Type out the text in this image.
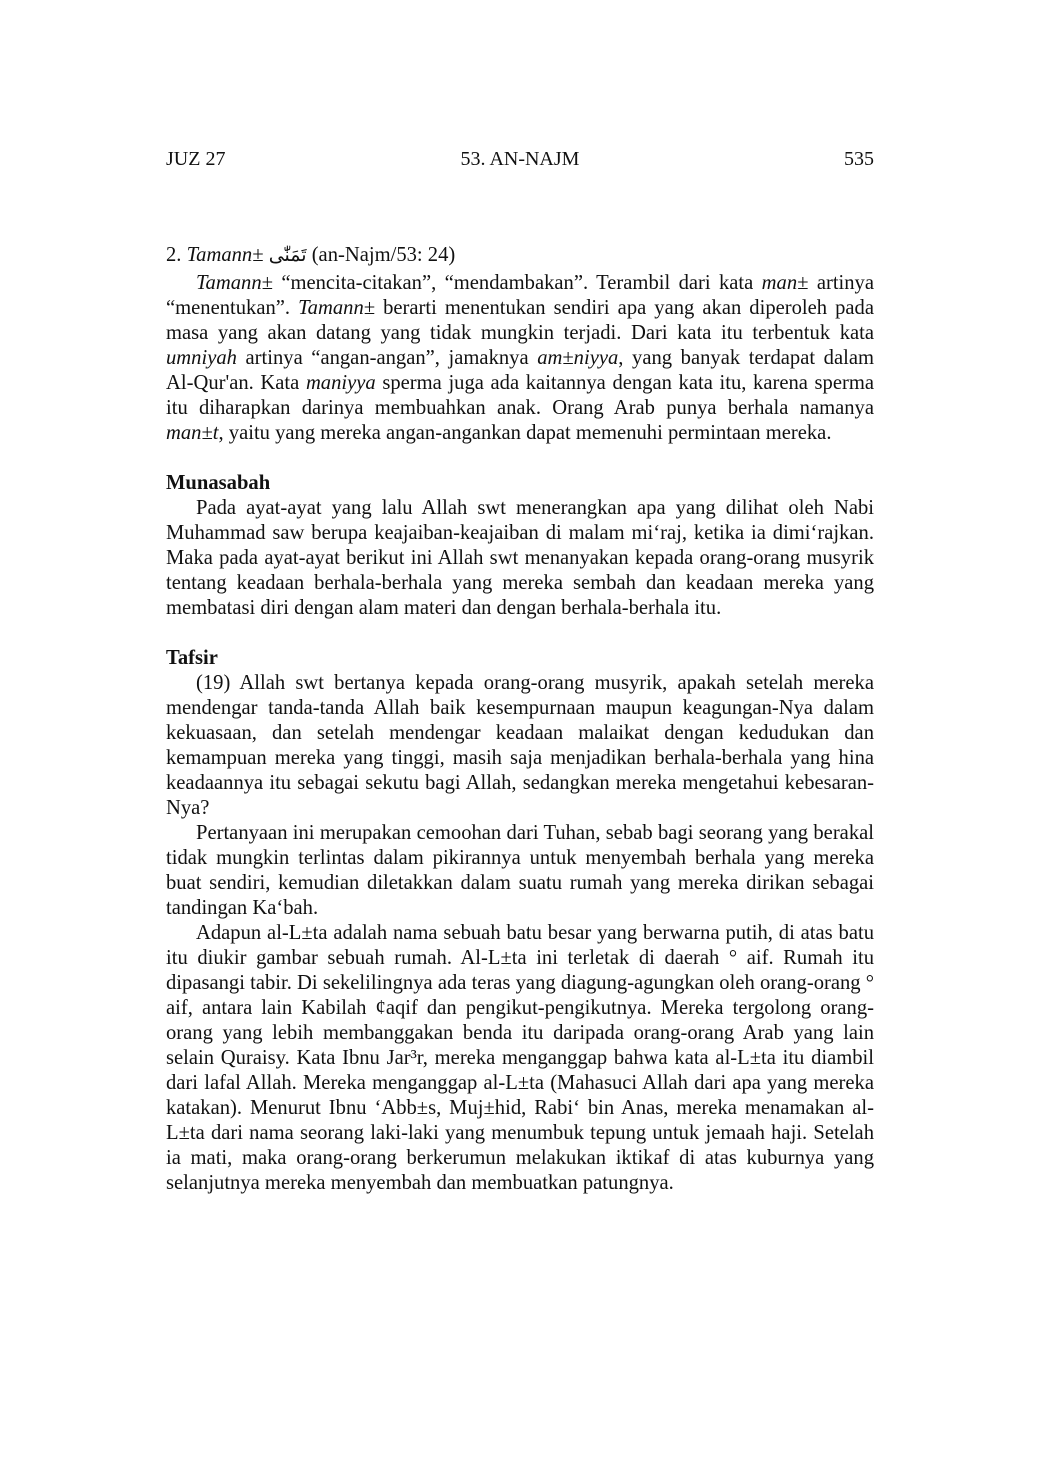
JUZ 27	53. AN-NAJM	535
2. Tamann± تَمَنّٰى (an-Najm/53: 24)

Tamann± “mencita-citakan”, “mendambakan”. Terambil dari kata man± artinya “menentukan”. Tamann± berarti menentukan sendiri apa yang akan diperoleh pada masa yang akan datang yang tidak mungkin terjadi. Dari kata itu terbentuk kata umniyah artinya “angan-angan”, jamaknya am±niyya, yang banyak terdapat dalam Al-Qur'an. Kata maniyya sperma juga ada kaitannya dengan kata itu, karena sperma itu diharapkan darinya membuahkan anak. Orang Arab punya berhala namanya man±t, yaitu yang mereka angan-angankan dapat memenuhi permintaan mereka.

Munasabah

Pada ayat-ayat yang lalu Allah swt menerangkan apa yang dilihat oleh Nabi Muhammad saw berupa keajaiban-keajaiban di malam mi‘raj, ketika ia dimi‘rajkan. Maka pada ayat-ayat berikut ini Allah swt menanyakan kepada orang-orang musyrik tentang keadaan berhala-berhala yang mereka sembah dan keadaan mereka yang membatasi diri dengan alam materi dan dengan berhala-berhala itu.

Tafsir

(19) Allah swt bertanya kepada orang-orang musyrik, apakah setelah mereka mendengar tanda-tanda Allah baik kesempurnaan maupun keagungan-Nya dalam kekuasaan, dan setelah mendengar keadaan malaikat dengan kedudukan dan kemampuan mereka yang tinggi, masih saja menjadikan berhala-berhala yang hina keadaannya itu sebagai sekutu bagi Allah, sedangkan mereka mengetahui kebesaran-Nya?

Pertanyaan ini merupakan cemoohan dari Tuhan, sebab bagi seorang yang berakal tidak mungkin terlintas dalam pikirannya untuk menyembah berhala yang mereka buat sendiri, kemudian diletakkan dalam suatu rumah yang mereka dirikan sebagai tandingan Ka‘bah.

Adapun al-L±ta adalah nama sebuah batu besar yang berwarna putih, di atas batu itu diukir gambar sebuah rumah. Al-L±ta ini terletak di daerah ° aif. Rumah itu dipasangi tabir. Di sekelilingnya ada teras yang diagung-agungkan oleh orang-orang ° aif, antara lain Kabilah ¢aqif dan pengikut-pengikutnya. Mereka tergolong orang-orang yang lebih membanggakan benda itu daripada orang-orang Arab yang lain selain Quraisy. Kata Ibnu Jar³r, mereka menganggap bahwa kata al-L±ta itu diambil dari lafal Allah. Mereka menganggap al-L±ta (Mahasuci Allah dari apa yang mereka katakan). Menurut Ibnu ‘Abb±s, Muj±hid, Rabi‘ bin Anas, mereka menamakan al-L±ta dari nama seorang laki-laki yang menumbuk tepung untuk jemaah haji. Setelah ia mati, maka orang-orang berkerumun melakukan iktikaf di atas kuburnya yang selanjutnya mereka menyembah dan membuatkan patungnya.
